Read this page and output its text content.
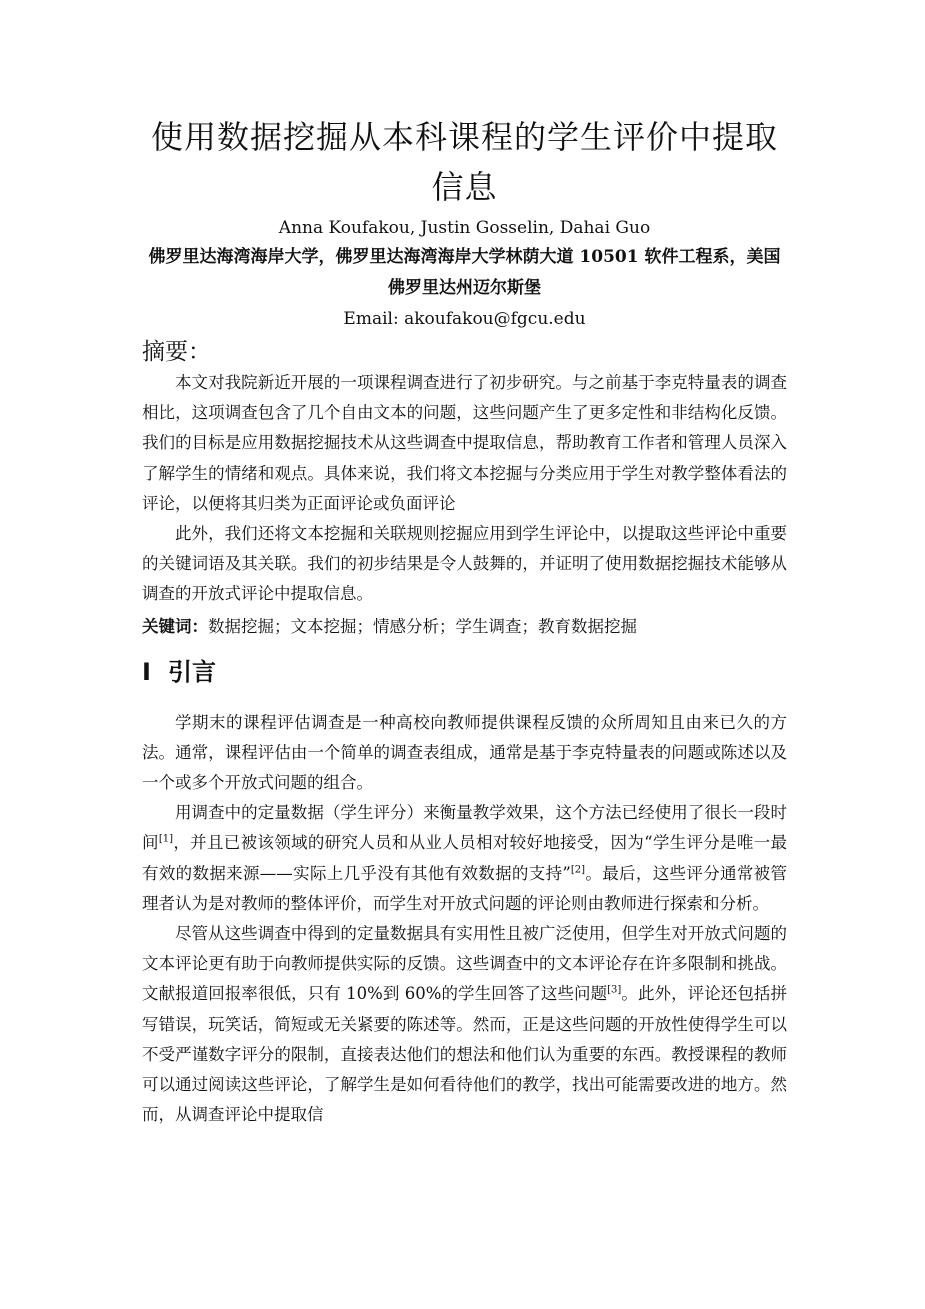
使用数据挖掘从本科课程的学生评价中提取信息
Anna Koufakou, Justin Gosselin, Dahai Guo
佛罗里达海湾海岸大学，佛罗里达海湾海岸大学林荫大道 10501 软件工程系，美国佛罗里达州迈尔斯堡
Email: akoufakou@fgcu.edu
摘要：

本文对我院新近开展的一项课程调查进行了初步研究。与之前基于李克特量表的调查相比，这项调查包含了几个自由文本的问题，这些问题产生了更多定性和非结构化反馈。我们的目标是应用数据挖掘技术从这些调查中提取信息，帮助教育工作者和管理人员深入了解学生的情绪和观点。具体来说，我们将文本挖掘与分类应用于学生对教学整体看法的评论，以便将其归类为正面评论或负面评论

此外，我们还将文本挖掘和关联规则挖掘应用到学生评论中，以提取这些评论中重要的关键词语及其关联。我们的初步结果是令人鼓舞的，并证明了使用数据挖掘技术能够从调查的开放式评论中提取信息。

关键词：数据挖掘；文本挖掘；情感分析；学生调查；教育数据挖掘
I 引言

学期末的课程评估调查是一种高校向教师提供课程反馈的众所周知且由来已久的方法。通常，课程评估由一个简单的调查表组成，通常是基于李克特量表的问题或陈述以及一个或多个开放式问题的组合。

用调查中的定量数据（学生评分）来衡量教学效果，这个方法已经使用了很长一段时间[1]，并且已被该领域的研究人员和从业人员相对较好地接受，因为“学生评分是唯一最有效的数据来源——实际上几乎没有其他有效数据的支持”[2]。最后，这些评分通常被管理者认为是对教师的整体评价，而学生对开放式问题的评论则由教师进行探索和分析。

尽管从这些调查中得到的定量数据具有实用性且被广泛使用，但学生对开放式问题的文本评论更有助于向教师提供实际的反馈。这些调查中的文本评论存在许多限制和挑战。文献报道回报率很低，只有 10%到 60%的学生回答了这些问题[3]。此外，评论还包括拼写错误，玩笑话，简短或无关紧要的陈述等。然而，正是这些问题的开放性使得学生可以不受严谨数字评分的限制，直接表达他们的想法和他们认为重要的东西。教授课程的教师可以通过阅读这些评论，了解学生是如何看待他们的教学，找出可能需要改进的地方。然而，从调查评论中提取信
